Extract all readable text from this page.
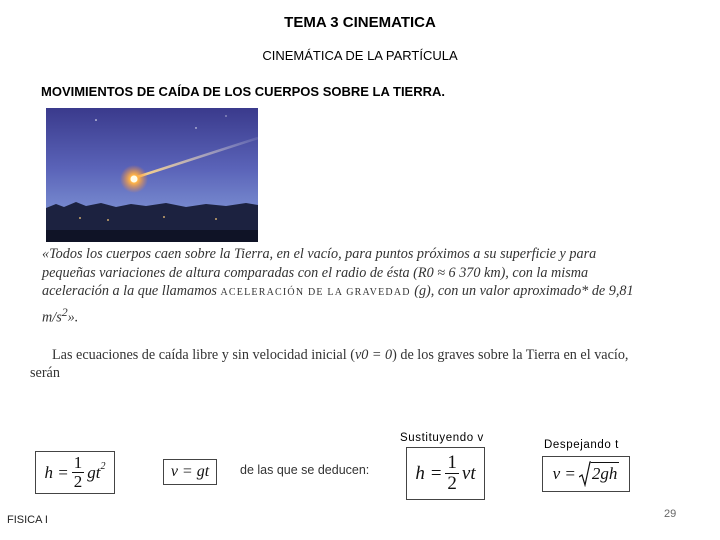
TEMA 3 CINEMATICA
CINEMÁTICA DE LA PARTÍCULA
MOVIMIENTOS DE CAÍDA DE LOS CUERPOS SOBRE LA TIERRA.
«Todos los cuerpos caen sobre la Tierra, en el vacío, para puntos próximos a su superficie y para pequeñas variaciones de altura comparadas con el radio de ésta (R0 ≈ 6 370 km), con la misma aceleración a la que llamamos ACELERACIÓN DE LA GRAVEDAD (g), con un valor aproximado* de 9,81 $m/s^2$».
Las ecuaciones de caída libre y sin velocidad inicial (v0 = 0) de los graves sobre la Tierra en el vacío, serán
Sustituyendo v
Despejando t
de las que se deducen:
$h = \frac{1}{2} gt^2$	v = gt	$h = \frac{1}{2}$ vt	v = 2gh
FISICA I	29
